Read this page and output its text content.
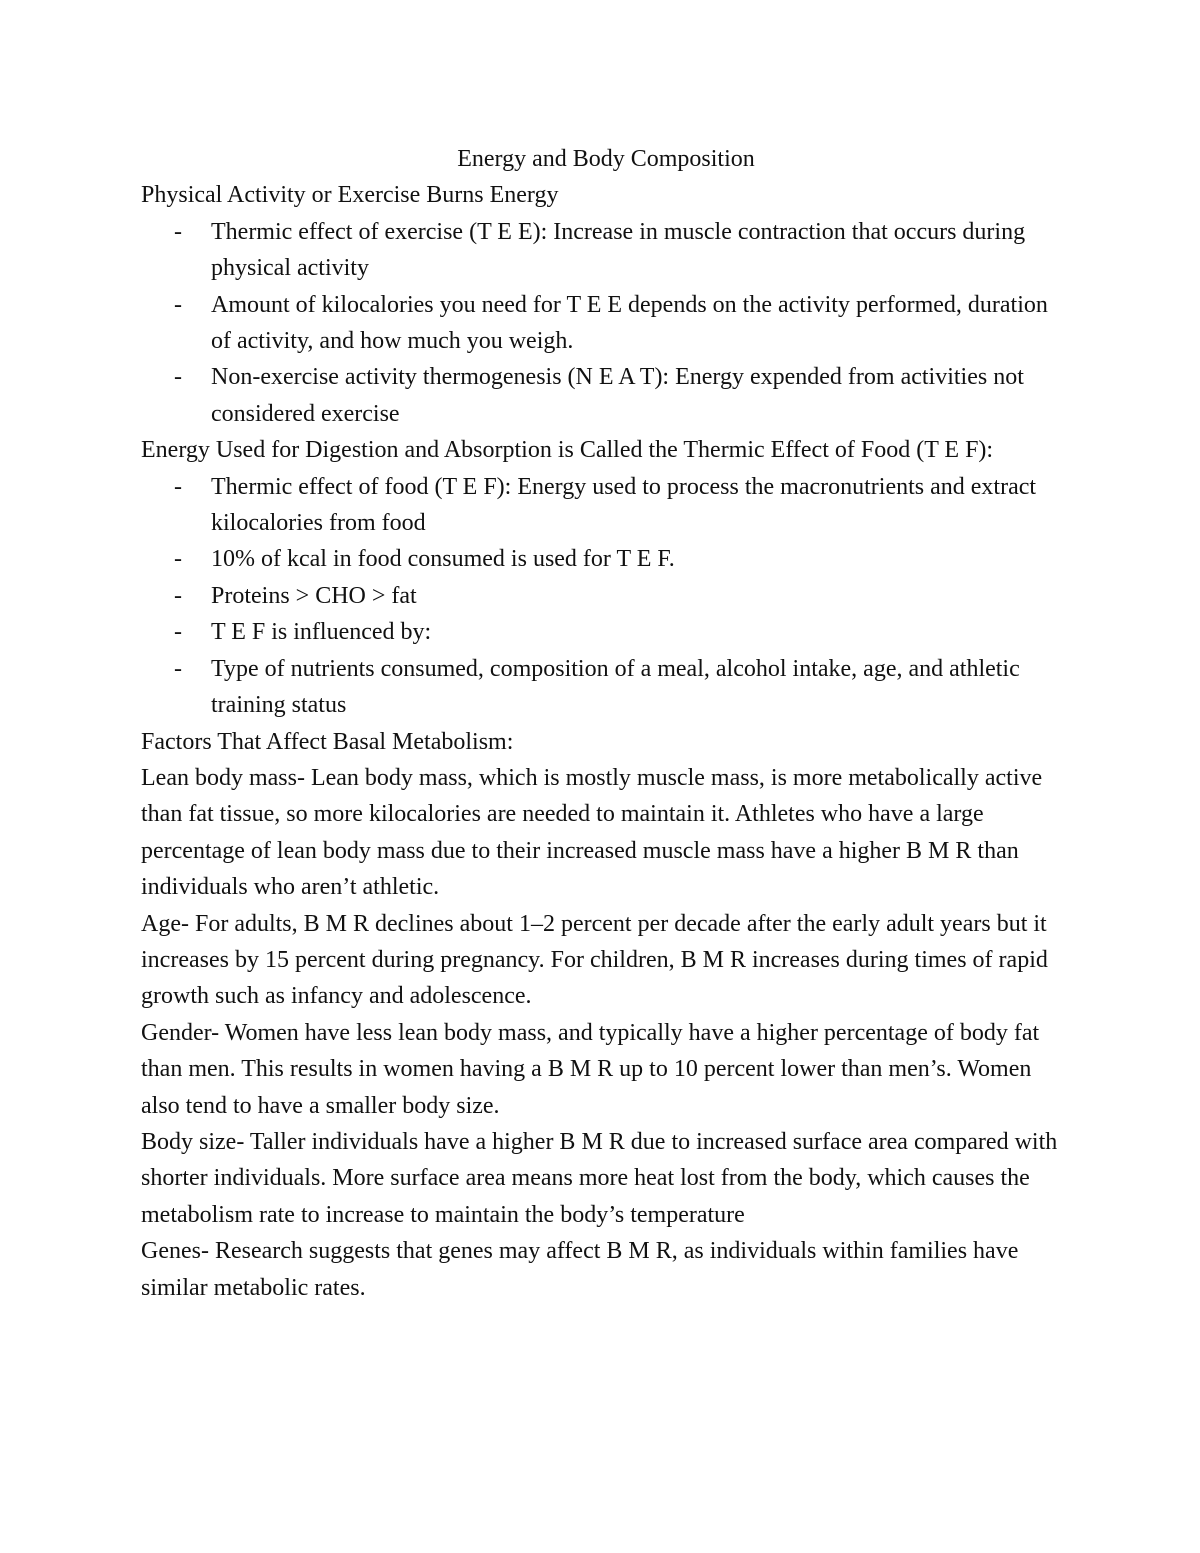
Energy and Body Composition

Physical Activity or Exercise Burns Energy

- Thermic effect of exercise (T E E): Increase in muscle contraction that occurs during physical activity
- Amount of kilocalories you need for T E E depends on the activity performed, duration of activity, and how much you weigh.
- Non-exercise activity thermogenesis (N E A T): Energy expended from activities not considered exercise

Energy Used for Digestion and Absorption is Called the Thermic Effect of Food (T E F):

- Thermic effect of food (T E F): Energy used to process the macronutrients and extract kilocalories from food
- 10% of kcal in food consumed is used for T E F.
- Proteins > CHO > fat
- T E F is influenced by:
- Type of nutrients consumed, composition of a meal, alcohol intake, age, and athletic training status

Factors That Affect Basal Metabolism:

Lean body mass- Lean body mass, which is mostly muscle mass, is more metabolically active than fat tissue, so more kilocalories are needed to maintain it. Athletes who have a large percentage of lean body mass due to their increased muscle mass have a higher B M R than individuals who aren’t athletic.

Age- For adults, B M R declines about 1–2 percent per decade after the early adult years but it increases by 15 percent during pregnancy. For children, B M R increases during times of rapid growth such as infancy and adolescence.

Gender- Women have less lean body mass, and typically have a higher percentage of body fat than men. This results in women having a B M R up to 10 percent lower than men’s. Women also tend to have a smaller body size.

Body size- Taller individuals have a higher B M R due to increased surface area compared with shorter individuals. More surface area means more heat lost from the body, which causes the metabolism rate to increase to maintain the body’s temperature

Genes- Research suggests that genes may affect B M R, as individuals within families have similar metabolic rates.
